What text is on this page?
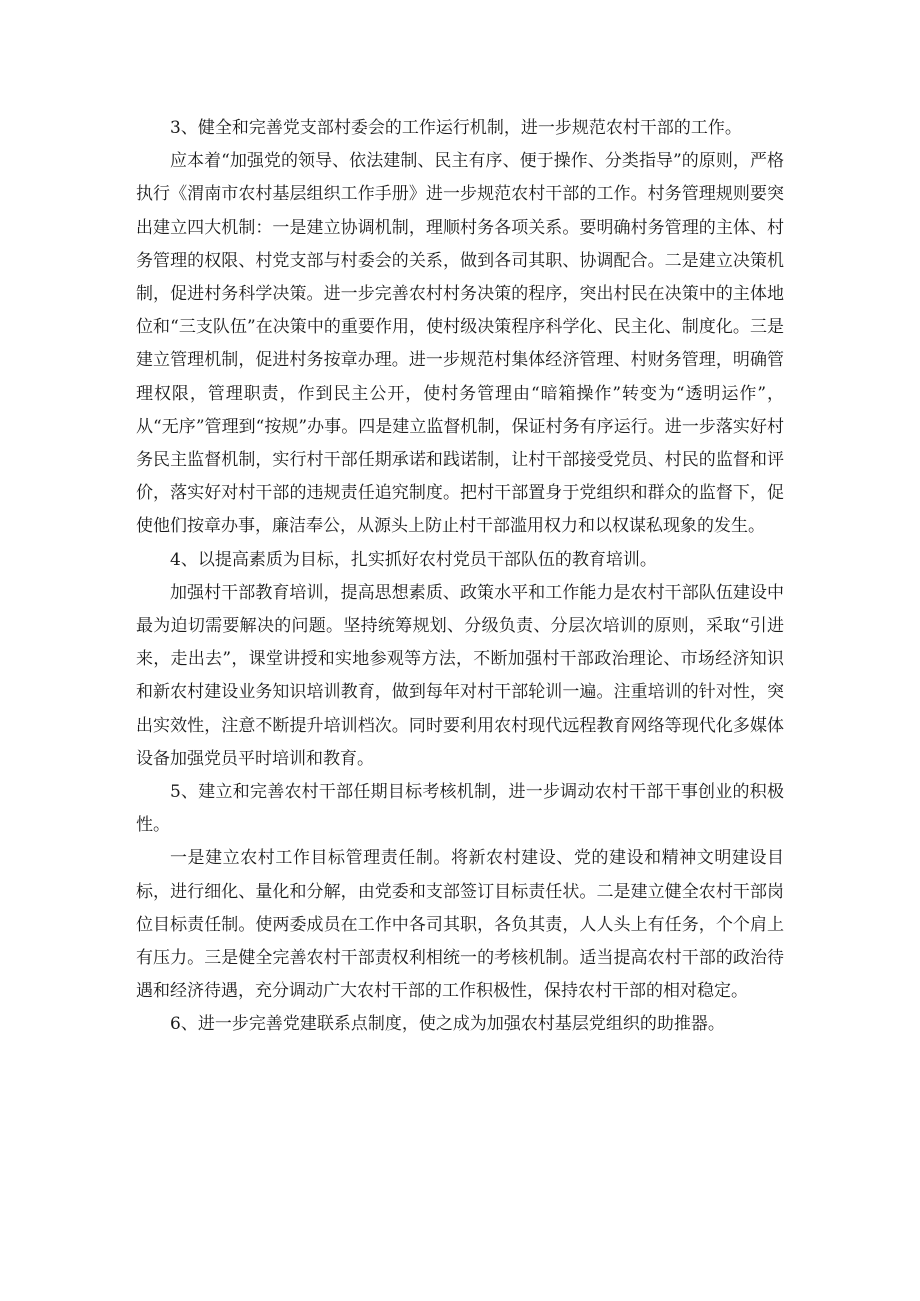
3、健全和完善党支部村委会的工作运行机制，进一步规范农村干部的工作。

应本着“加强党的领导、依法建制、民主有序、便于操作、分类指导”的原则，严格执行《渭南市农村基层组织工作手册》进一步规范农村干部的工作。村务管理规则要突出建立四大机制：一是建立协调机制，理顺村务各项关系。要明确村务管理的主体、村务管理的权限、村党支部与村委会的关系，做到各司其职、协调配合。二是建立决策机制，促进村务科学决策。进一步完善农村村务决策的程序，突出村民在决策中的主体地位和“三支队伍”在决策中的重要作用，使村级决策程序科学化、民主化、制度化。三是建立管理机制，促进村务按章办理。进一步规范村集体经济管理、村财务管理，明确管理权限，管理职责，作到民主公开，使村务管理由“暗箱操作”转变为“透明运作”，从“无序”管理到“按规”办事。四是建立监督机制，保证村务有序运行。进一步落实好村务民主监督机制，实行村干部任期承诺和践诺制，让村干部接受党员、村民的监督和评价，落实好对村干部的违规责任追究制度。把村干部置身于党组织和群众的监督下，促使他们按章办事，廉洁奉公，从源头上防止村干部滥用权力和以权谋私现象的发生。

4、以提高素质为目标，扎实抓好农村党员干部队伍的教育培训。

加强村干部教育培训，提高思想素质、政策水平和工作能力是农村干部队伍建设中最为迫切需要解决的问题。坚持统筹规划、分级负责、分层次培训的原则，采取“引进来，走出去”，课堂讲授和实地参观等方法，不断加强村干部政治理论、市场经济知识和新农村建设业务知识培训教育，做到每年对村干部轮训一遍。注重培训的针对性，突出实效性，注意不断提升培训档次。同时要利用农村现代远程教育网络等现代化多媒体设备加强党员平时培训和教育。

5、建立和完善农村干部任期目标考核机制，进一步调动农村干部干事创业的积极性。

一是建立农村工作目标管理责任制。将新农村建设、党的建设和精神文明建设目标，进行细化、量化和分解，由党委和支部签订目标责任状。二是建立健全农村干部岗位目标责任制。使两委成员在工作中各司其职，各负其责，人人头上有任务，个个肩上有压力。三是健全完善农村干部责权利相统一的考核机制。适当提高农村干部的政治待遇和经济待遇，充分调动广大农村干部的工作积极性，保持农村干部的相对稳定。

6、进一步完善党建联系点制度，使之成为加强农村基层党组织的助推器。
